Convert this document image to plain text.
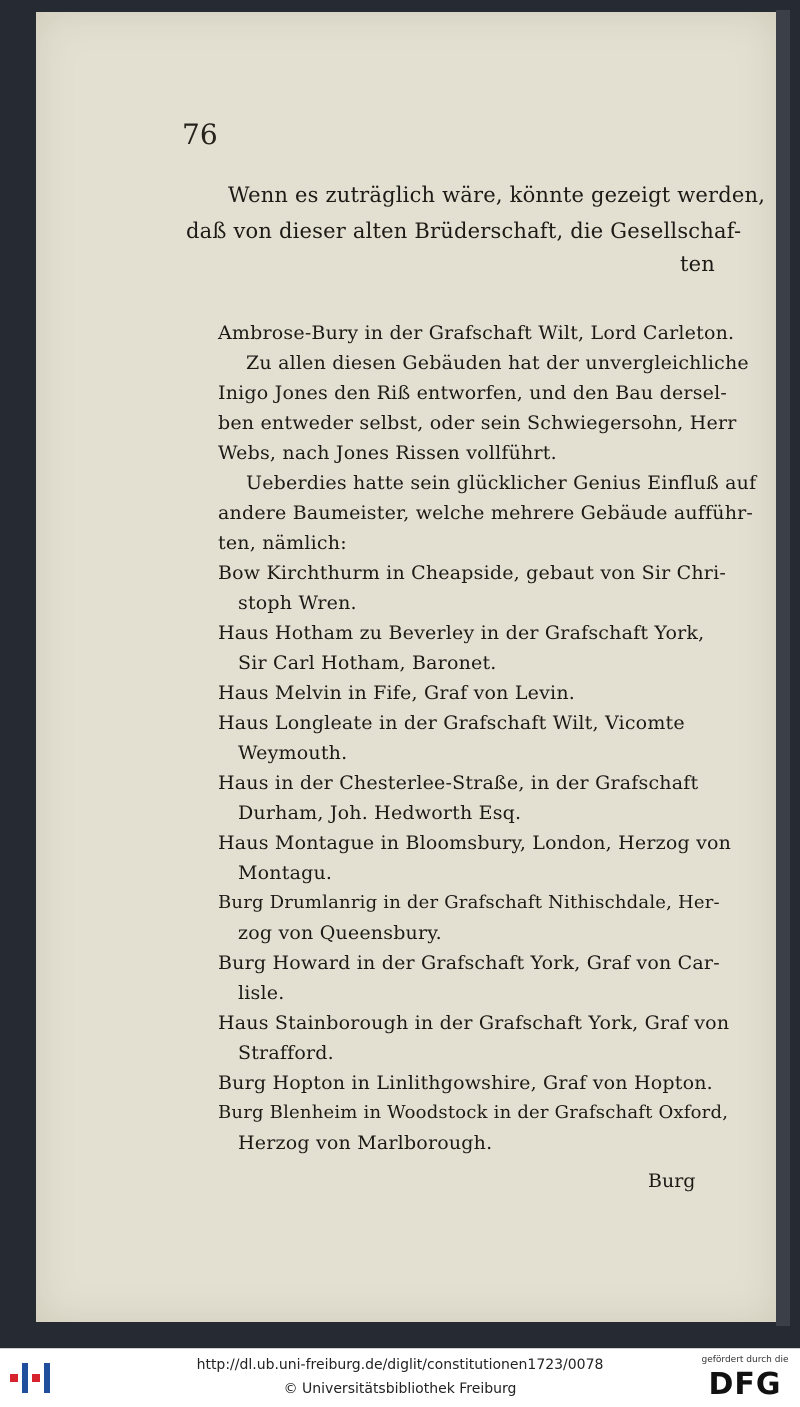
76
Wenn es zuträglich wäre, könnte gezeigt werden,
daß von dieser alten Brüderschaft, die Gesellschaf-
ten
Ambrose-Bury in der Grafschaft Wilt, Lord Carleton.
Zu allen diesen Gebäuden hat der unvergleichliche
Inigo Jones den Riß entworfen, und den Bau dersel-
ben entweder selbst, oder sein Schwiegersohn, Herr
Webs, nach Jones Rissen vollführt.
Ueberdies hatte sein glücklicher Genius Einfluß auf
andere Baumeister, welche mehrere Gebäude aufführ-
ten, nämlich:
Bow Kirchthurm in Cheapside, gebaut von Sir Chri-
stoph Wren.
Haus Hotham zu Beverley in der Grafschaft York,
Sir Carl Hotham, Baronet.
Haus Melvin in Fife, Graf von Levin.
Haus Longleate in der Grafschaft Wilt, Vicomte
Weymouth.
Haus in der Chesterlee-Straße, in der Grafschaft
Durham, Joh. Hedworth Esq.
Haus Montague in Bloomsbury, London, Herzog von
Montagu.
Burg Drumlanrig in der Grafschaft Nithischdale, Her-
zog von Queensbury.
Burg Howard in der Grafschaft York, Graf von Car-
lisle.
Haus Stainborough in der Grafschaft York, Graf von
Strafford.
Burg Hopton in Linlithgowshire, Graf von Hopton.
Burg Blenheim in Woodstock in der Grafschaft Oxford,
Herzog von Marlborough.
Burg
http://dl.ub.uni-freiburg.de/diglit/constitutionen1723/0078
© Universitätsbibliothek Freiburg
gefördert durch die
DFG
